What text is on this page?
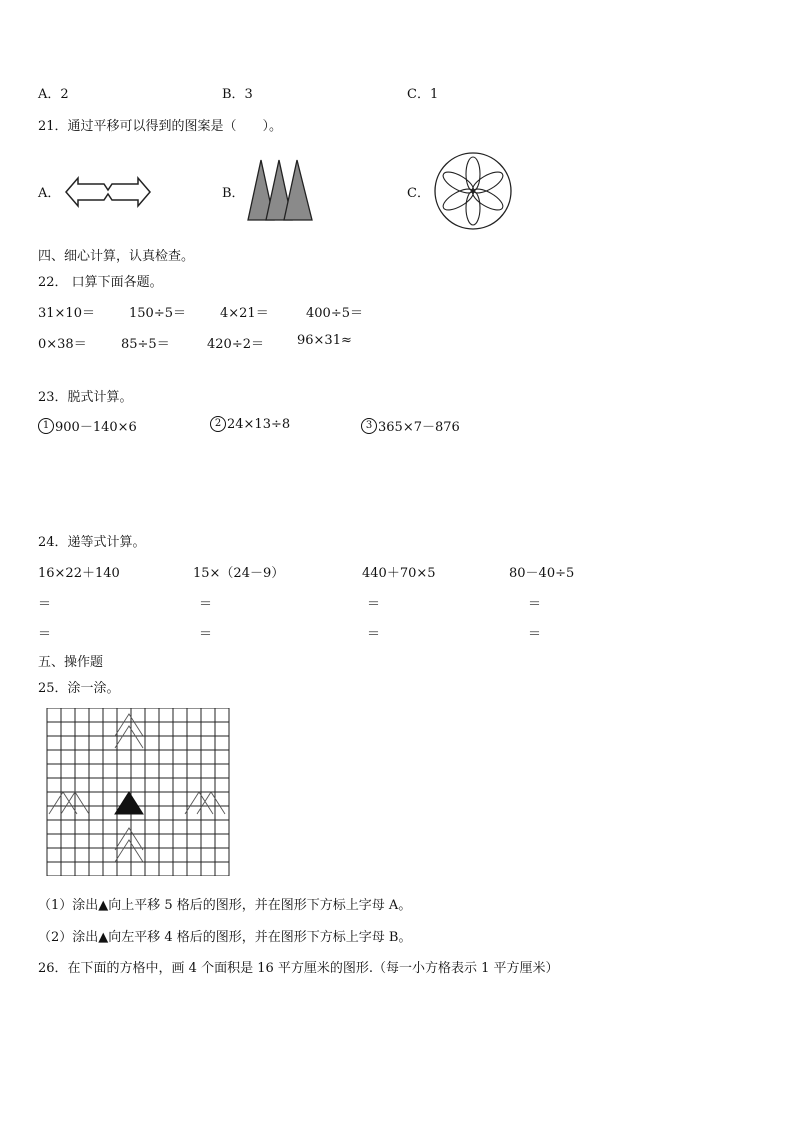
A．2	B．3	C．1
21．通过平移可以得到的图案是（　　）。
A．	B．	C．
四、细心计算，认真检查。
22． 口算下面各题。
31×10＝	150÷5＝	4×21＝	400÷5＝
0×38＝	85÷5＝	420÷2＝	96×31≈
23．脱式计算。
1 900－140×6	2 24×13÷8	3 365×7－876
24．递等式计算。
16×22＋140	15×（24－9）	440＋70×5	80－40÷5
＝	＝	＝	＝
＝	＝	＝	＝
五、操作题
25．涂一涂。
（1）涂出▲向上平移 5 格后的图形，并在图形下方标上字母 A。
（2）涂出▲向左平移 4 格后的图形，并在图形下方标上字母 B。
26．在下面的方格中，画 4 个面积是 16 平方厘米的图形.（每一小方格表示 1 平方厘米）
